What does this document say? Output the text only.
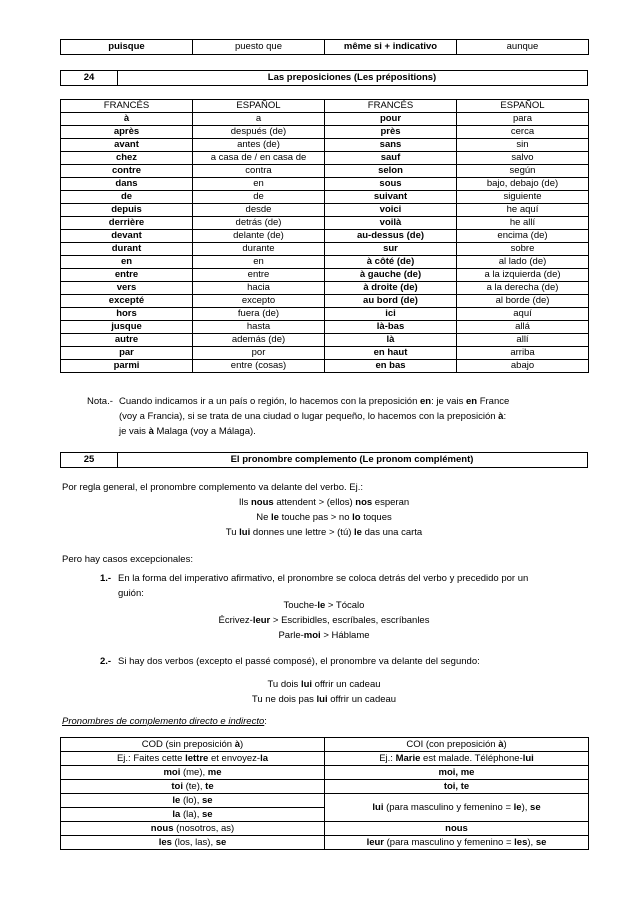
puisque	puesto que	même si + indicativo	aunque
24	Las preposiciones (Les prépositions)
FRANCÉS	ESPAÑOL	FRANCÉS	ESPAÑOL
à	a	pour	para
après	después (de)	près	cerca
avant	antes (de)	sans	sin
chez	a casa de / en casa de	sauf	salvo
contre	contra	selon	según
dans	en	sous	bajo, debajo (de)
de	de	suivant	siguiente
depuis	desde	voici	he aquí
derrière	detrás (de)	voilà	he allí
devant	delante (de)	au-dessus (de)	encima (de)
durant	durante	sur	sobre
en	en	à côté (de)	al lado (de)
entre	entre	à gauche (de)	a la izquierda (de)
vers	hacia	à droite (de)	a la derecha (de)
excepté	excepto	au bord (de)	al borde (de)
hors	fuera (de)	ici	aquí
jusque	hasta	là-bas	allá
autre	además (de)	là	allí
par	por	en haut	arriba
parmi	entre (cosas)	en bas	abajo
Nota.- Cuando indicamos ir a un país o región, lo hacemos con la preposición en: je vais en France
(voy a Francia), si se trata de una ciudad o lugar pequeño, lo hacemos con la preposición à:
je vais à Malaga (voy a Málaga).
25	El pronombre complemento (Le pronom complément)
Por regla general, el pronombre complemento va delante del verbo. Ej.:
Ils nous attendent > (ellos) nos esperan
Ne le touche pas > no lo toques
Tu lui donnes une lettre > (tú) le das una carta
Pero hay casos excepcionales:
1.- En la forma del imperativo afirmativo, el pronombre se coloca detrás del verbo y precedido por un
guión:
Touche-le > Tócalo
Écrivez-leur > Escribidles, escríbales, escríbanles
Parle-moi > Háblame
2.- Si hay dos verbos (excepto el passé composé), el pronombre va delante del segundo:
Tu dois lui offrir un cadeau
Tu ne dois pas lui offrir un cadeau
Pronombres de complemento directo e indirecto:
COD (sin preposición à)	COI (con preposición à)
Ej.: Faites cette lettre et envoyez-la	Ej.: Marie est malade. Téléphone-lui
moi (me), me	moi, me
toi (te), te	toi, te
le (lo), se	lui (para masculino y femenino = le), se
la (la), se	
nous (nosotros, as)	nous
les (los, las), se	leur (para masculino y femenino = les), se
